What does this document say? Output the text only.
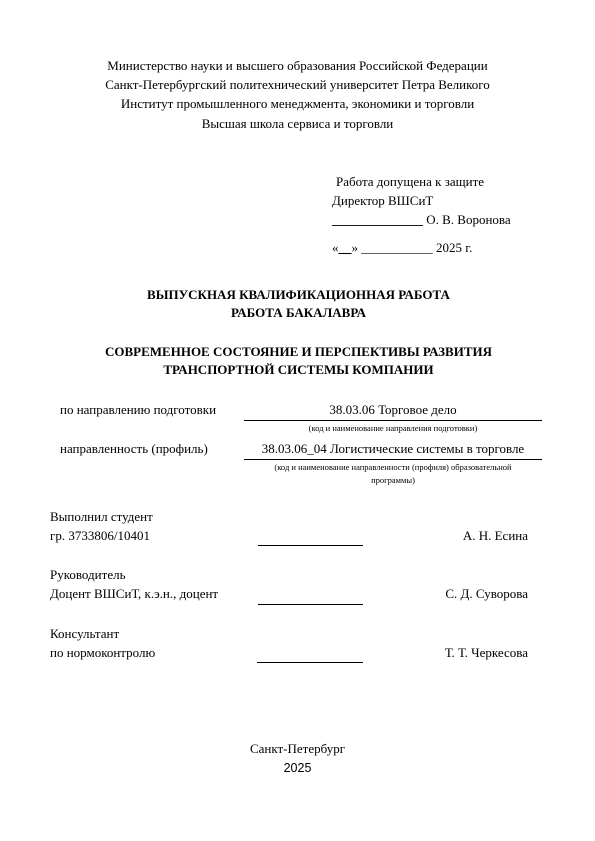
Министерство науки и высшего образования Российской Федерации
Санкт-Петербургский политехнический университет Петра Великого
Институт промышленного менеджмента, экономики и торговли
Высшая школа сервиса и торговли
Работа допущена к защите
Директор ВШСиТ
______________ О. В. Воронова
«__» ___________ 2025 г.
ВЫПУСКНАЯ КВАЛИФИКАЦИОННАЯ РАБОТА
РАБОТА БАКАЛАВРА
СОВРЕМЕННОЕ СОСТОЯНИЕ И ПЕРСПЕКТИВЫ РАЗВИТИЯ
ТРАНСПОРТНОЙ СИСТЕМЫ КОМПАНИИ
по направлению подготовки	38.03.06 Торговое дело
(код и наименование направления подготовки)
направленность (профиль)	38.03.06_04 Логистические системы в торговле
(код и наименование направленности (профиля) образовательной
программы)
Выполнил студент
гр. 3733806/10401	А. Н. Есина
Руководитель
Доцент ВШСиТ, к.э.н., доцент	С. Д. Суворова
Консультант
по нормоконтролю	Т. Т. Черкесова
Санкт-Петербург
2025
